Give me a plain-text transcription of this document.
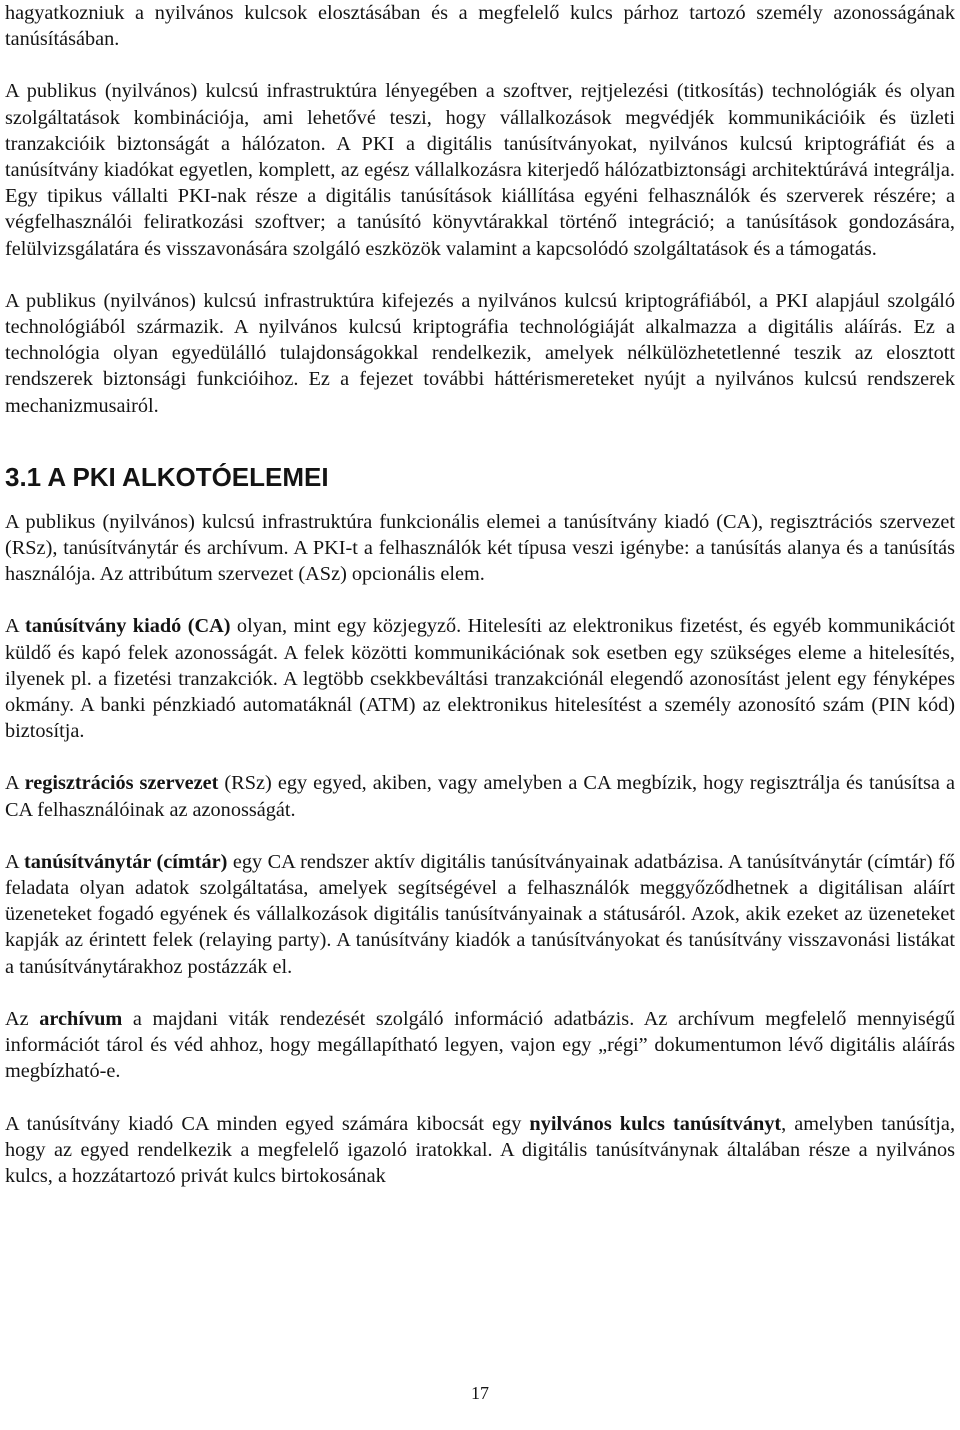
hagyatkozniuk a nyilvános kulcsok elosztásában és a megfelelő kulcs párhoz tartozó személy azonosságának tanúsításában.

A publikus (nyilvános) kulcsú infrastruktúra lényegében a szoftver, rejtjelezési (titkosítás) technológiák és olyan szolgáltatások kombinációja, ami lehetővé teszi, hogy vállalkozások megvédjék kommunikációik és üzleti tranzakcióik biztonságát a hálózaton. A PKI a digitális tanúsítványokat, nyilvános kulcsú kriptográfiát és a tanúsítvány kiadókat egyetlen, komplett, az egész vállalkozásra kiterjedő hálózatbiztonsági architektúrává integrálja. Egy tipikus vállalti PKI-nak része a digitális tanúsítások kiállítása egyéni felhasználók és szerverek részére; a végfelhasználói feliratkozási szoftver; a tanúsító könyvtárakkal történő integráció; a tanúsítások gondozására, felülvizsgálatára és visszavonására szolgáló eszközök valamint a kapcsolódó szolgáltatások és a támogatás.

A publikus (nyilvános) kulcsú infrastruktúra kifejezés a nyilvános kulcsú kriptográfiából, a PKI alapjául szolgáló technológiából származik. A nyilvános kulcsú kriptográfia technológiáját alkalmazza a digitális aláírás. Ez a technológia olyan egyedülálló tulajdonságokkal rendelkezik, amelyek nélkülözhetetlenné teszik az elosztott rendszerek biztonsági funkcióihoz. Ez a fejezet további háttérismereteket nyújt a nyilvános kulcsú rendszerek mechanizmusairól.

3.1 A PKI ALKOTÓELEMEI

A publikus (nyilvános) kulcsú infrastruktúra funkcionális elemei a tanúsítvány kiadó (CA), regisztrációs szervezet (RSz), tanúsítványtár és archívum. A PKI-t a felhasználók két típusa veszi igénybe: a tanúsítás alanya és a tanúsítás használója. Az attribútum szervezet (ASz) opcionális elem.

A tanúsítvány kiadó (CA) olyan, mint egy közjegyző. Hitelesíti az elektronikus fizetést, és egyéb kommunikációt küldő és kapó felek azonosságát. A felek közötti kommunikációnak sok esetben egy szükséges eleme a hitelesítés, ilyenek pl. a fizetési tranzakciók. A legtöbb csekkbeváltási tranzakciónál elegendő azonosítást jelent egy fényképes okmány. A banki pénzkiadó automatáknál (ATM) az elektronikus hitelesítést a személy azonosító szám (PIN kód) biztosítja.

A regisztrációs szervezet (RSz) egy egyed, akiben, vagy amelyben a CA megbízik, hogy regisztrálja és tanúsítsa a CA felhasználóinak az azonosságát.

A tanúsítványtár (címtár) egy CA rendszer aktív digitális tanúsítványainak adatbázisa. A tanúsítványtár (címtár) fő feladata olyan adatok szolgáltatása, amelyek segítségével a felhasználók meggyőződhetnek a digitálisan aláírt üzeneteket fogadó egyének és vállalkozások digitális tanúsítványainak a státusáról. Azok, akik ezeket az üzeneteket kapják az érintett felek (relaying party). A tanúsítvány kiadók a tanúsítványokat és tanúsítvány visszavonási listákat a tanúsítványtárakhoz postázzák el.

Az archívum a majdani viták rendezését szolgáló információ adatbázis. Az archívum megfelelő mennyiségű információt tárol és véd ahhoz, hogy megállapítható legyen, vajon egy „régi” dokumentumon lévő digitális aláírás megbízható-e.

A tanúsítvány kiadó CA minden egyed számára kibocsát egy nyilvános kulcs tanúsítványt, amelyben tanúsítja, hogy az egyed rendelkezik a megfelelő igazoló iratokkal. A digitális tanúsítványnak általában része a nyilvános kulcs, a hozzátartozó privát kulcs birtokosának

17
